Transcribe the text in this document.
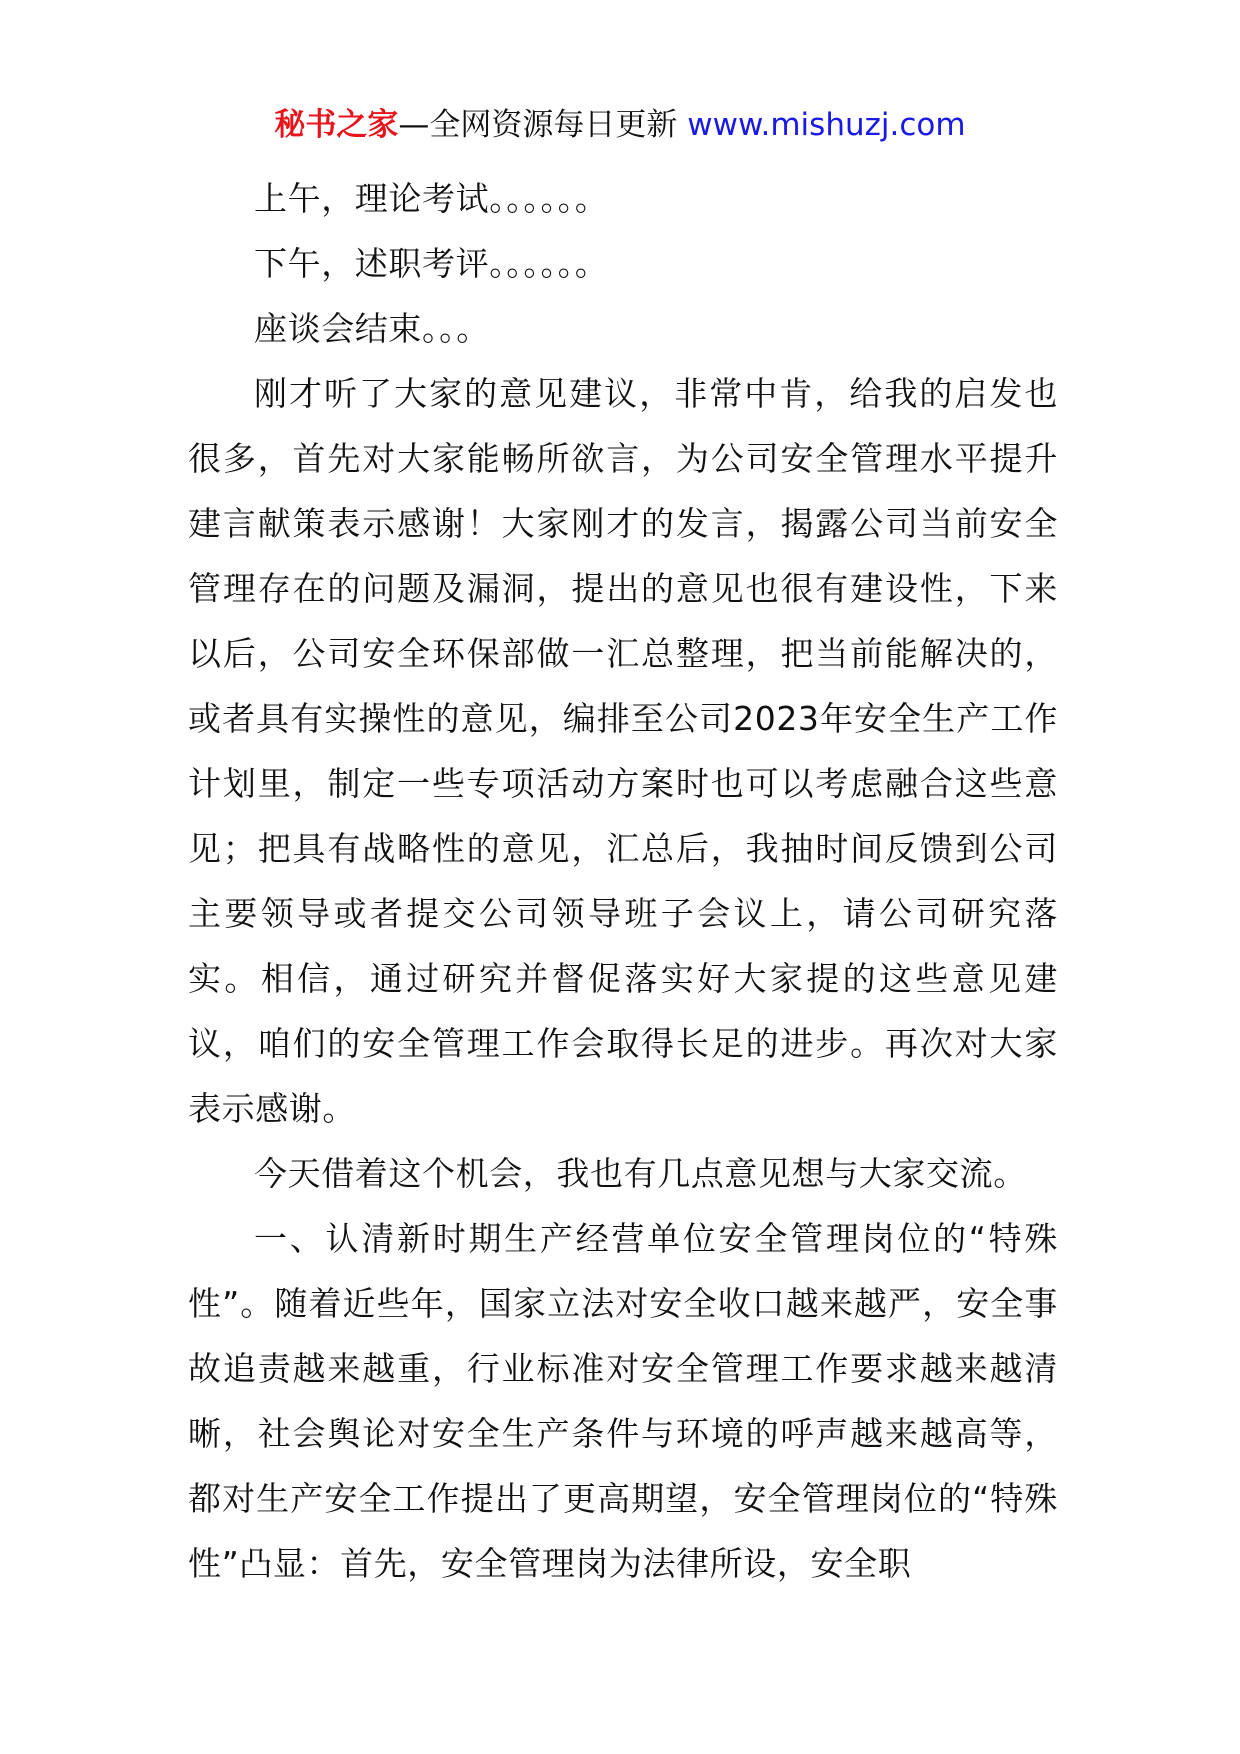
秘书之家—全网资源每日更新 www.mishuzj.com

上午，理论考试。。。。。。

下午，述职考评。。。。。。

座谈会结束。。。

刚才听了大家的意见建议，非常中肯，给我的启发也很多，首先对大家能畅所欲言，为公司安全管理水平提升建言献策表示感谢！大家刚才的发言，揭露公司当前安全管理存在的问题及漏洞，提出的意见也很有建设性，下来以后，公司安全环保部做一汇总整理，把当前能解决的，或者具有实操性的意见，编排至公司2023年安全生产工作计划里，制定一些专项活动方案时也可以考虑融合这些意见；把具有战略性的意见，汇总后，我抽时间反馈到公司主要领导或者提交公司领导班子会议上，请公司研究落实。相信，通过研究并督促落实好大家提的这些意见建议，咱们的安全管理工作会取得长足的进步。再次对大家表示感谢。

今天借着这个机会，我也有几点意见想与大家交流。

一、认清新时期生产经营单位安全管理岗位的“特殊性”。随着近些年，国家立法对安全收口越来越严，安全事故追责越来越重，行业标准对安全管理工作要求越来越清晰，社会舆论对安全生产条件与环境的呼声越来越高等，都对生产安全工作提出了更高期望，安全管理岗位的“特殊性”凸显：首先，安全管理岗为法律所设，安全职
